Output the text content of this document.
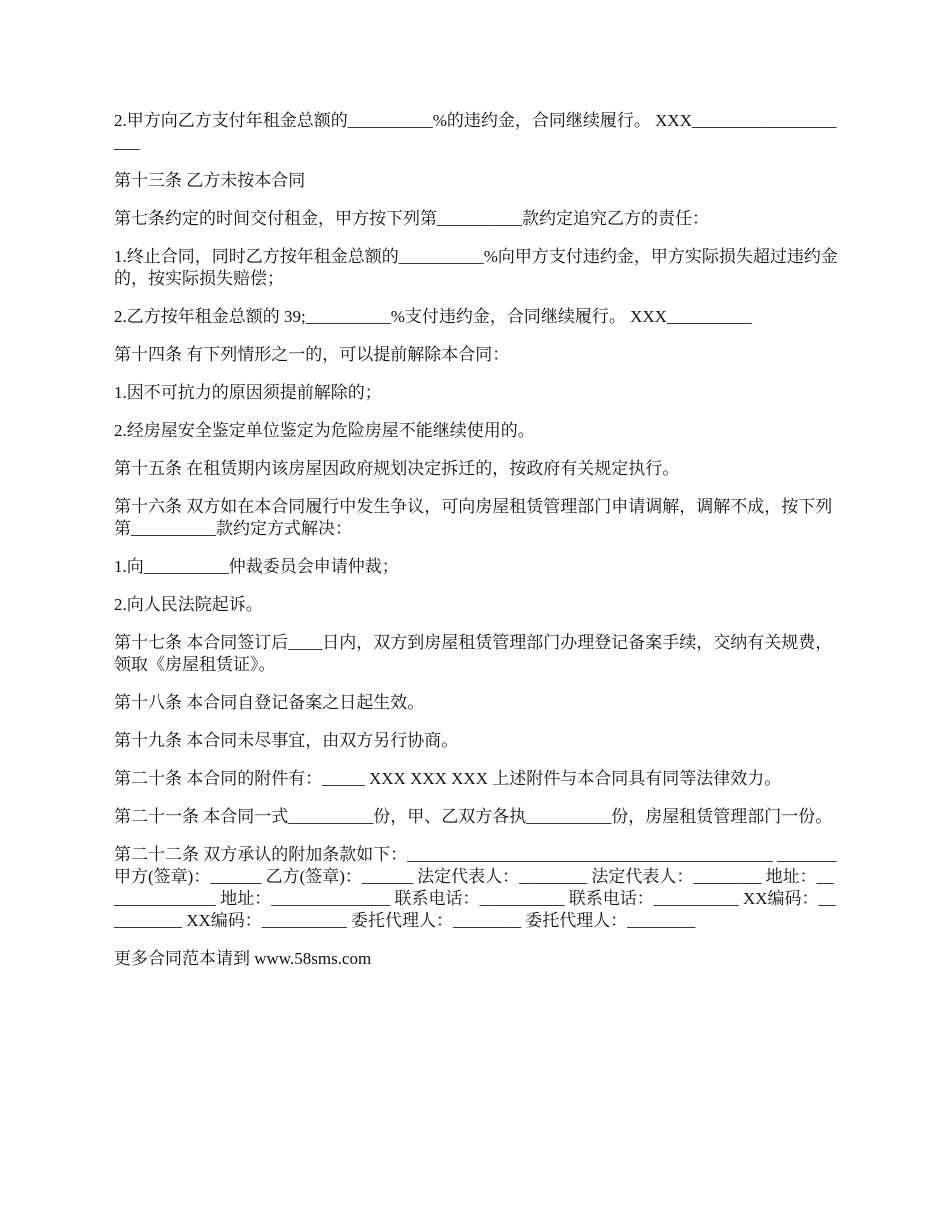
2.甲方向乙方支付年租金总额的__________%的违约金，合同继续履行。 XXX____________________

第十三条 乙方未按本合同

第七条约定的时间交付租金，甲方按下列第__________款约定追究乙方的责任：

1.终止合同，同时乙方按年租金总额的__________%向甲方支付违约金，甲方实际损失超过违约金的，按实际损失赔偿；

2.乙方按年租金总额的 39;__________%支付违约金，合同继续履行。 XXX__________

第十四条 有下列情形之一的，可以提前解除本合同：

1.因不可抗力的原因须提前解除的；

2.经房屋安全鉴定单位鉴定为危险房屋不能继续使用的。

第十五条 在租赁期内该房屋因政府规划决定拆迁的，按政府有关规定执行。

第十六条 双方如在本合同履行中发生争议，可向房屋租赁管理部门申请调解，调解不成，按下列第__________款约定方式解决：

1.向__________仲裁委员会申请仲裁；

2.向人民法院起诉。

第十七条 本合同签订后____日内，双方到房屋租赁管理部门办理登记备案手续，交纳有关规费，领取《房屋租赁证》。

第十八条 本合同自登记备案之日起生效。

第十九条 本合同未尽事宜，由双方另行协商。

第二十条 本合同的附件有：_____ XXX XXX XXX 上述附件与本合同具有同等法律效力。

第二十一条 本合同一式__________份，甲、乙双方各执__________份，房屋租赁管理部门一份。

第二十二条 双方承认的附加条款如下：___________________________________________ _______ 甲方(签章)：______ 乙方(签章)：______ 法定代表人：________ 法定代表人：________ 地址：______________ 地址：______________ 联系电话：__________ 联系电话：__________ XX编码：__________ XX编码：__________ 委托代理人：________ 委托代理人：________

更多合同范本请到 www.58sms.com
